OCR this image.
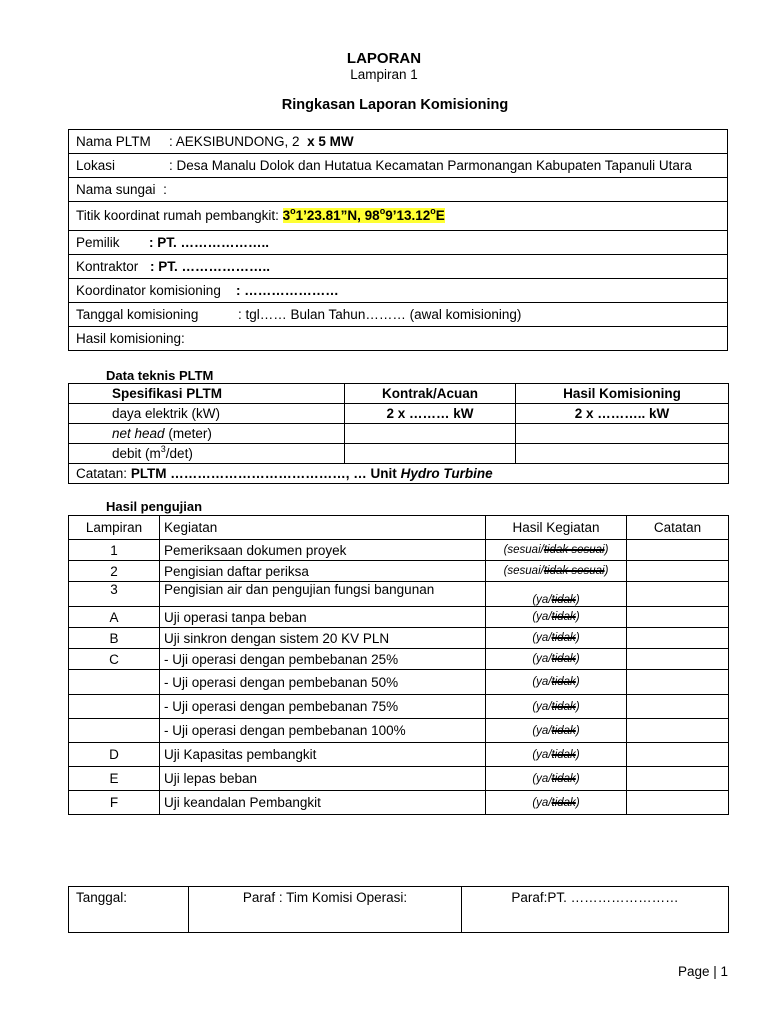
LAPORAN
Lampiran 1
Ringkasan Laporan Komisioning
Nama PLTM : AEKSIBUNDONG, 2 x 5 MW
Lokasi	: Desa Manalu Dolok dan Hutatua Kecamatan Parmonangan Kabupaten Tapanuli Utara
Nama sungai :
Titik koordinat rumah pembangkit: 3$^o$1’23.81”N, 98$^o$9’13.12$^o$E
Pemilik : PT. ………………..
Kontraktor : PT. ………………..
Koordinator komisioning : …………………
Tanggal komisioning	: tgl…… Bulan Tahun……… (awal komisioning)
Hasil komisioning:
Data teknis PLTM
Spesifikasi PLTM	Kontrak/Acuan	Hasil Komisioning
daya elektrik (kW)	2 x ……… kW	2 x ……….. kW
net head (meter)		
debit $(m^3/\det)$		
Catatan: PLTM …………………………………, … Unit Hydro Turbine		
Hasil pengujian
Lampiran	Kegiatan	Hasil Kegiatan	Catatan
1	Pemeriksaan dokumen proyek	(sesuai/tidak sesuai)	
2	Pengisian daftar periksa	(sesuai/tidak sesuai)	
3	Pengisian air dan pengujian fungsi bangunan	(ya/tidak)	
A	Uji operasi tanpa beban	(ya/tidak)	
B	Uji sinkron dengan sistem 20 KV PLN	(ya/tidak)	
C	- Uji operasi dengan pembebanan 25%	(ya/tidak)	
	- Uji operasi dengan pembebanan 50%	(ya/tidak)	
	- Uji operasi dengan pembebanan 75%	(ya/tidak)	
	- Uji operasi dengan pembebanan 100%	(ya/tidak)	
D	Uji Kapasitas pembangkit	(ya/tidak)	
E	Uji lepas beban	(ya/tidak)	
F	Uji keandalan Pembangkit	(ya/tidak)	
Tanggal:	Paraf : Tim Komisi Operasi:	Paraf:PT. ……………………
Page | 1
